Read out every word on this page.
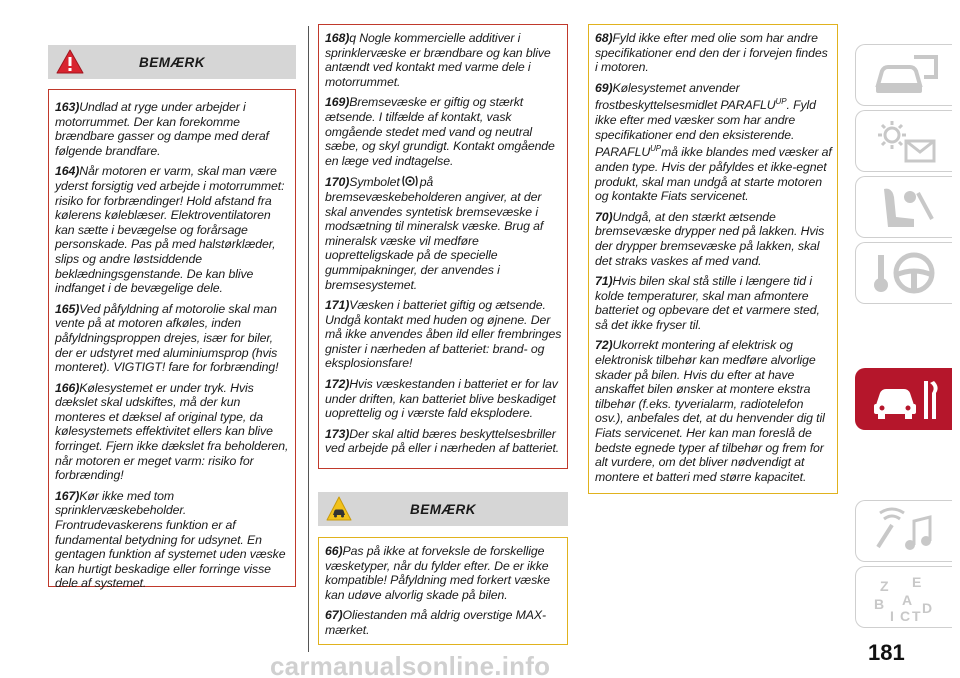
BEMÆRK

163)Undlad at ryge under arbejder i motorrummet. Der kan forekomme brændbare gasser og dampe med deraf følgende brandfare.

164)Når motoren er varm, skal man være yderst forsigtig ved arbejde i motorrummet: risiko for forbrændinger! Hold afstand fra kølerens køleblæser. Elektroventilatoren kan sætte i bevægelse og forårsage personskade. Pas på med halstørklæder, slips og andre løstsiddende beklædningsgenstande. De kan blive indfanget i de bevægelige dele.

165)Ved påfyldning af motorolie skal man vente på at motoren afkøles, inden påfyldningsproppen drejes, især for biler, der er udstyret med aluminiumsprop (hvis monteret). VIGTIGT! fare for forbrænding!

166)Kølesystemet er under tryk. Hvis dækslet skal udskiftes, må der kun monteres et dæksel af original type, da kølesystemets effektivitet ellers kan blive forringet. Fjern ikke dækslet fra beholderen, når motoren er meget varm: risiko for forbrænding!

167)Kør ikke med tom sprinklervæskebeholder. Frontrudevaskerens funktion er af fundamental betydning for udsynet. En gentagen funktion af systemet uden væske kan hurtigt beskadige eller forringe visse dele af systemet.

168)q Nogle kommercielle additiver i sprinklervæske er brændbare og kan blive antændt ved kontakt med varme dele i motorrummet.

169)Bremsevæske er giftig og stærkt ætsende. I tilfælde af kontakt, vask omgående stedet med vand og neutral sæbe, og skyl grundigt. Kontakt omgående en læge ved indtagelse.

170)Symbolet på bremsevæskebeholderen angiver, at der skal anvendes syntetisk bremsevæske i modsætning til mineralsk væske. Brug af mineralsk væske vil medføre uopretteligskade på de specielle gummipakninger, der anvendes i bremsesystemet.

171)Væsken i batteriet giftig og ætsende. Undgå kontakt med huden og øjnene. Der må ikke anvendes åben ild eller frembringes gnister i nærheden af batteriet: brand- og eksplosionsfare!

172)Hvis væskestanden i batteriet er for lav under driften, kan batteriet blive beskadiget uoprettelig og i værste fald eksplodere.

173)Der skal altid bæres beskyttelsesbriller ved arbejde på eller i nærheden af batteriet.

BEMÆRK

66)Pas på ikke at forveksle de forskellige væsketyper, når du fylder efter. De er ikke kompatible! Påfyldning med forkert væske kan udøve alvorlig skade på bilen.

67)Oliestanden må aldrig overstige MAX-mærket.

68)Fyld ikke efter med olie som har andre specifikationer end den der i forvejen findes i motoren.

69)Kølesystemet anvender frostbeskyttelsesmidlet $PARAFLU^{UP}$. Fyld ikke efter med væsker som har andre specifikationer end den eksisterende. $PARAFLU^{UP}må$ ikke blandes med væsker af anden type. Hvis der påfyldes et ikke-egnet produkt, skal man undgå at starte motoren og kontakte Fiats servicenet.

70)Undgå, at den stærkt ætsende bremsevæske drypper ned på lakken. Hvis der drypper bremsevæske på lakken, skal det straks vaskes af med vand.

71)Hvis bilen skal stå stille i længere tid i kolde temperaturer, skal man afmontere batteriet og opbevare det et varmere sted, så det ikke fryser til.

72)Ukorrekt montering af elektrisk og elektronisk tilbehør kan medføre alvorlige skader på bilen. Hvis du efter at have anskaffet bilen ønsker at montere ekstra tilbehør (f.eks. tyverialarm, radiotelefon osv.), anbefales det, at du henvender dig til Fiats servicenet. Her kan man foreslå de bedste egnede typer af tilbehør og frem for alt vurdere, om det bliver nødvendigt at montere et batteri med større kapacitet.

Z E
B A D
I C T
181
carmanualsonline.info
